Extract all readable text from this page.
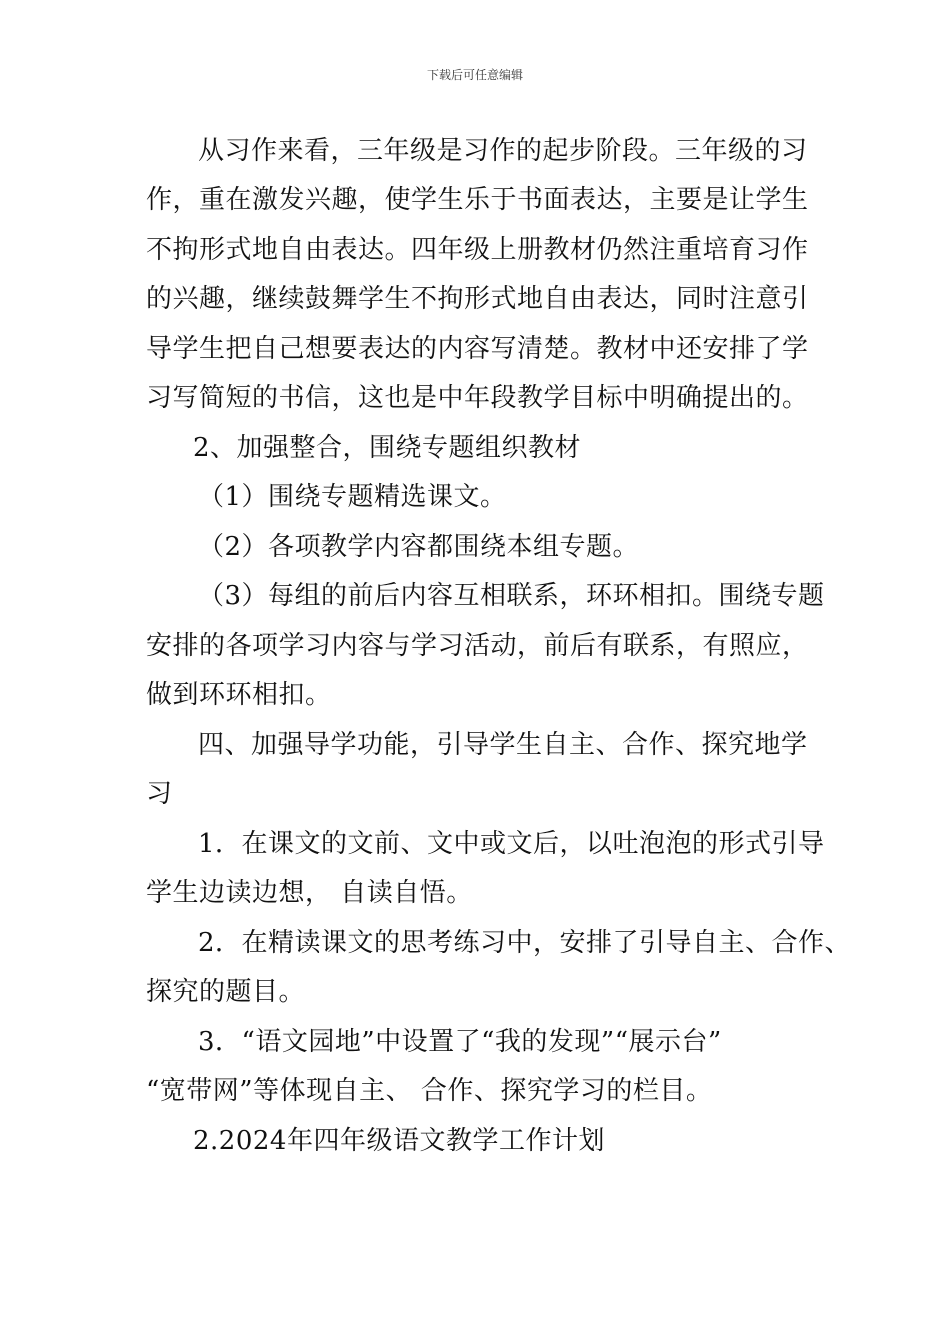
下载后可任意编辑
从习作来看，三年级是习作的起步阶段。三年级的习
作，重在激发兴趣，使学生乐于书面表达，主要是让学生
不拘形式地自由表达。四年级上册教材仍然注重培育习作
的兴趣，继续鼓舞学生不拘形式地自由表达，同时注意引
导学生把自己想要表达的内容写清楚。教材中还安排了学
习写简短的书信，这也是中年段教学目标中明确提出的。
2、加强整合，围绕专题组织教材
（1）围绕专题精选课文。
（2）各项教学内容都围绕本组专题。
（3）每组的前后内容互相联系，环环相扣。围绕专题
安排的各项学习内容与学习活动，前后有联系，有照应，
做到环环相扣。
四、加强导学功能，引导学生自主、合作、探究地学
习
1．在课文的文前、文中或文后，以吐泡泡的形式引导
学生边读边想， 自读自悟。
2．在精读课文的思考练习中，安排了引导自主、合作、
探究的题目。
3．“语文园地”中设置了“我的发现”“展示台”
“宽带网”等体现自主、 合作、探究学习的栏目。
2.2024年四年级语文教学工作计划
